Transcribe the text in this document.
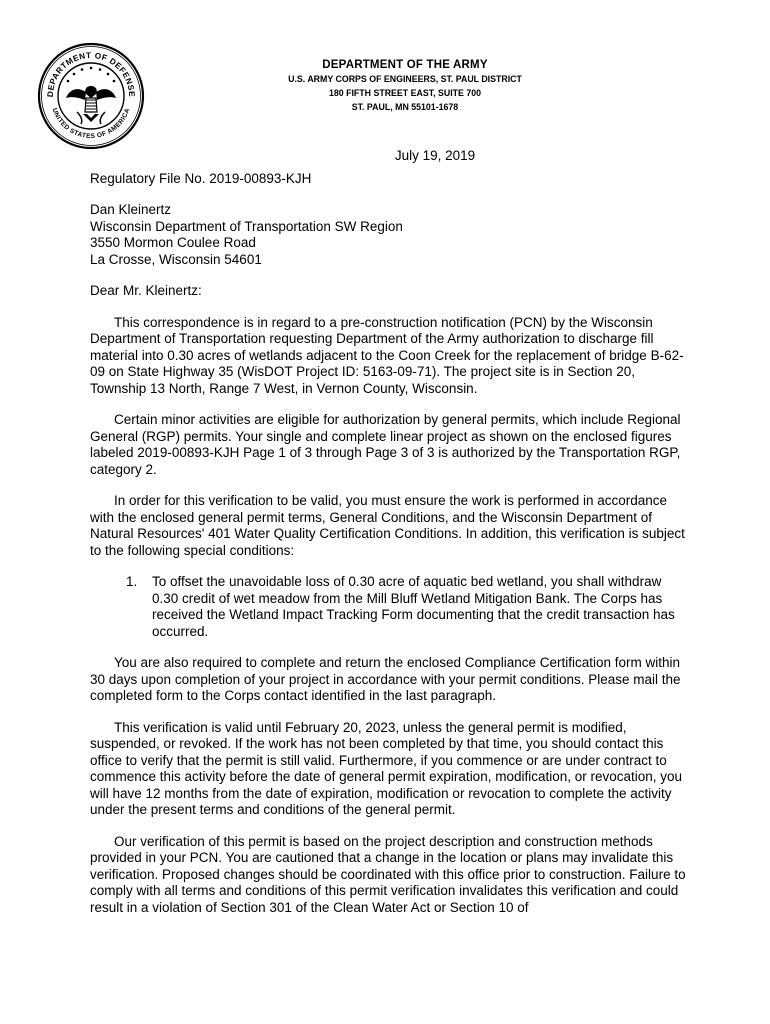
DEPARTMENT OF DEFENSE
UNITED STATES OF AMERICA
DEPARTMENT OF THE ARMY
U.S. ARMY CORPS OF ENGINEERS, ST. PAUL DISTRICT
180 FIFTH STREET EAST, SUITE 700
ST. PAUL, MN 55101-1678
July 19, 2019
Regulatory File No. 2019-00893-KJH
Dan Kleinertz
Wisconsin Department of Transportation SW Region
3550 Mormon Coulee Road
La Crosse, Wisconsin 54601
Dear Mr. Kleinertz:
This correspondence is in regard to a pre-construction notification (PCN) by the Wisconsin Department of Transportation requesting Department of the Army authorization to discharge fill material into 0.30 acres of wetlands adjacent to the Coon Creek for the replacement of bridge B-62-09 on State Highway 35 (WisDOT Project ID: 5163-09-71). The project site is in Section 20, Township 13 North, Range 7 West, in Vernon County, Wisconsin.
Certain minor activities are eligible for authorization by general permits, which include Regional General (RGP) permits. Your single and complete linear project as shown on the enclosed figures labeled 2019-00893-KJH Page 1 of 3 through Page 3 of 3 is authorized by the Transportation RGP, category 2.
In order for this verification to be valid, you must ensure the work is performed in accordance with the enclosed general permit terms, General Conditions, and the Wisconsin Department of Natural Resources' 401 Water Quality Certification Conditions. In addition, this verification is subject to the following special conditions:
1.	To offset the unavoidable loss of 0.30 acre of aquatic bed wetland, you shall withdraw 0.30 credit of wet meadow from the Mill Bluff Wetland Mitigation Bank. The Corps has received the Wetland Impact Tracking Form documenting that the credit transaction has occurred.
You are also required to complete and return the enclosed Compliance Certification form within 30 days upon completion of your project in accordance with your permit conditions. Please mail the completed form to the Corps contact identified in the last paragraph.
This verification is valid until February 20, 2023, unless the general permit is modified, suspended, or revoked. If the work has not been completed by that time, you should contact this office to verify that the permit is still valid. Furthermore, if you commence or are under contract to commence this activity before the date of general permit expiration, modification, or revocation, you will have 12 months from the date of expiration, modification or revocation to complete the activity under the present terms and conditions of the general permit.
Our verification of this permit is based on the project description and construction methods provided in your PCN. You are cautioned that a change in the location or plans may invalidate this verification. Proposed changes should be coordinated with this office prior to construction. Failure to comply with all terms and conditions of this permit verification invalidates this verification and could result in a violation of Section 301 of the Clean Water Act or Section 10 of
